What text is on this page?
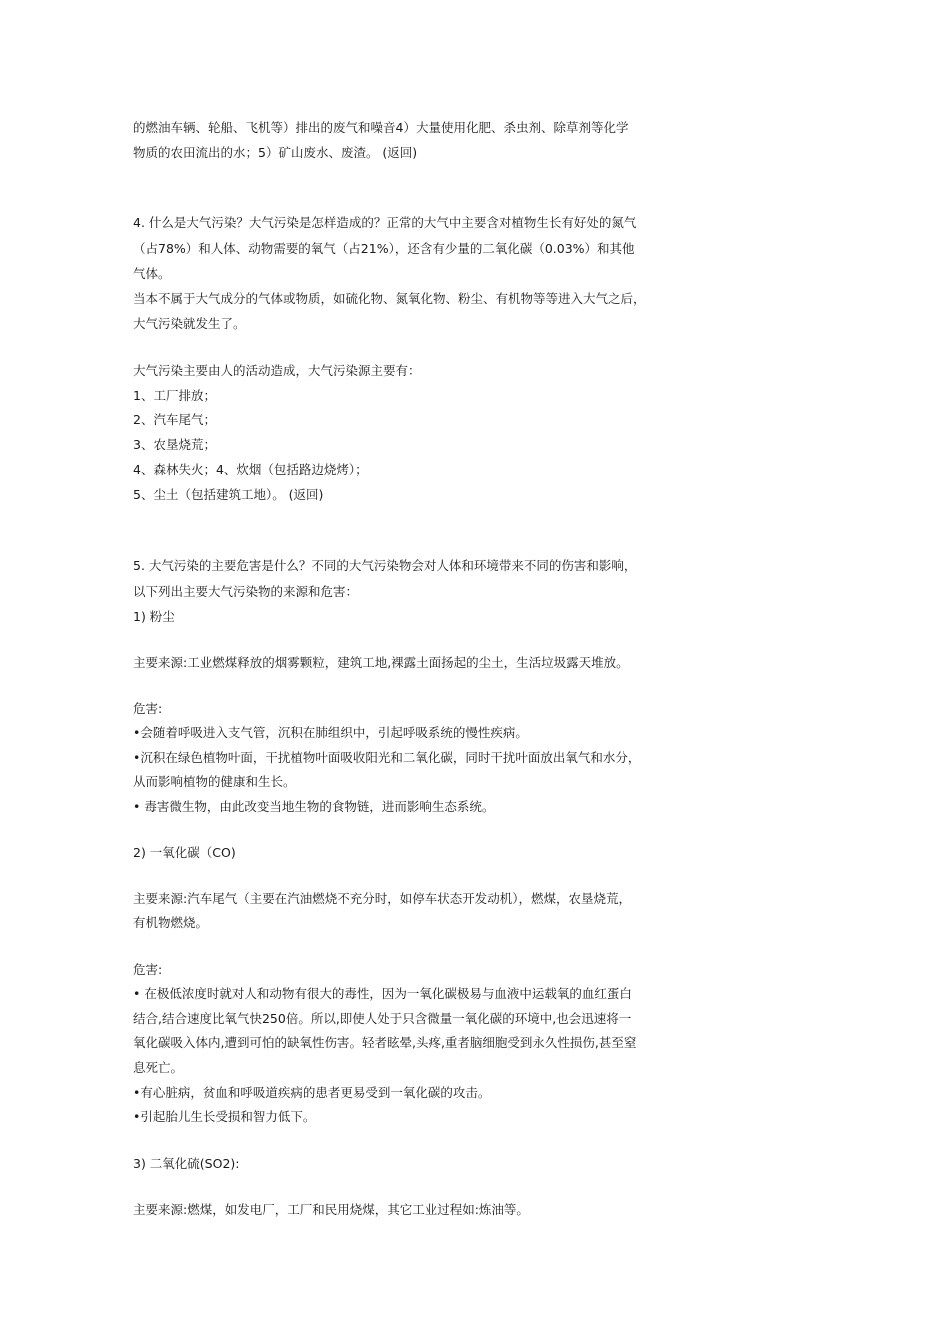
的燃油车辆、轮船、飞机等）排出的废气和噪音4）大量使用化肥、杀虫剂、除草剂等化学
物质的农田流出的水；5）矿山废水、废渣。 (返回)
4. 什么是大气污染？大气污染是怎样造成的？正常的大气中主要含对植物生长有好处的氮气
（占78%）和人体、动物需要的氧气（占21%），还含有少量的二氧化碳（0.03%）和其他
气体。
当本不属于大气成分的气体或物质，如硫化物、氮氧化物、粉尘、有机物等等进入大气之后，
大气污染就发生了。
大气污染主要由人的活动造成，大气污染源主要有：
1、工厂排放；
2、汽车尾气；
3、农垦烧荒；
4、森林失火；4、炊烟（包括路边烧烤）；
5、尘土（包括建筑工地）。 (返回)
5. 大气污染的主要危害是什么？不同的大气污染物会对人体和环境带来不同的伤害和影响，
以下列出主要大气污染物的来源和危害：
1) 粉尘
主要来源:工业燃煤释放的烟雾颗粒，建筑工地,裸露土面扬起的尘土，生活垃圾露天堆放。
危害:
•会随着呼吸进入支气管，沉积在肺组织中，引起呼吸系统的慢性疾病。
•沉积在绿色植物叶面，干扰植物叶面吸收阳光和二氧化碳，同时干扰叶面放出氧气和水分，
从而影响植物的健康和生长。
• 毒害微生物，由此改变当地生物的食物链，进而影响生态系统。
2) 一氧化碳（CO)
主要来源:汽车尾气（主要在汽油燃烧不充分时，如停车状态开发动机），燃煤，农垦烧荒，
有机物燃烧。
危害:
• 在极低浓度时就对人和动物有很大的毒性，因为一氧化碳极易与血液中运载氧的血红蛋白
结合,结合速度比氧气快250倍。所以,即使人处于只含微量一氧化碳的环境中,也会迅速将一
氧化碳吸入体内,遭到可怕的缺氧性伤害。轻者眩晕,头疼,重者脑细胞受到永久性损伤,甚至窒
息死亡。
•有心脏病，贫血和呼吸道疾病的患者更易受到一氧化碳的攻击。
•引起胎儿生长受损和智力低下。
3) 二氧化硫(SO2):
主要来源:燃煤，如发电厂，工厂和民用烧煤，其它工业过程如:炼油等。
